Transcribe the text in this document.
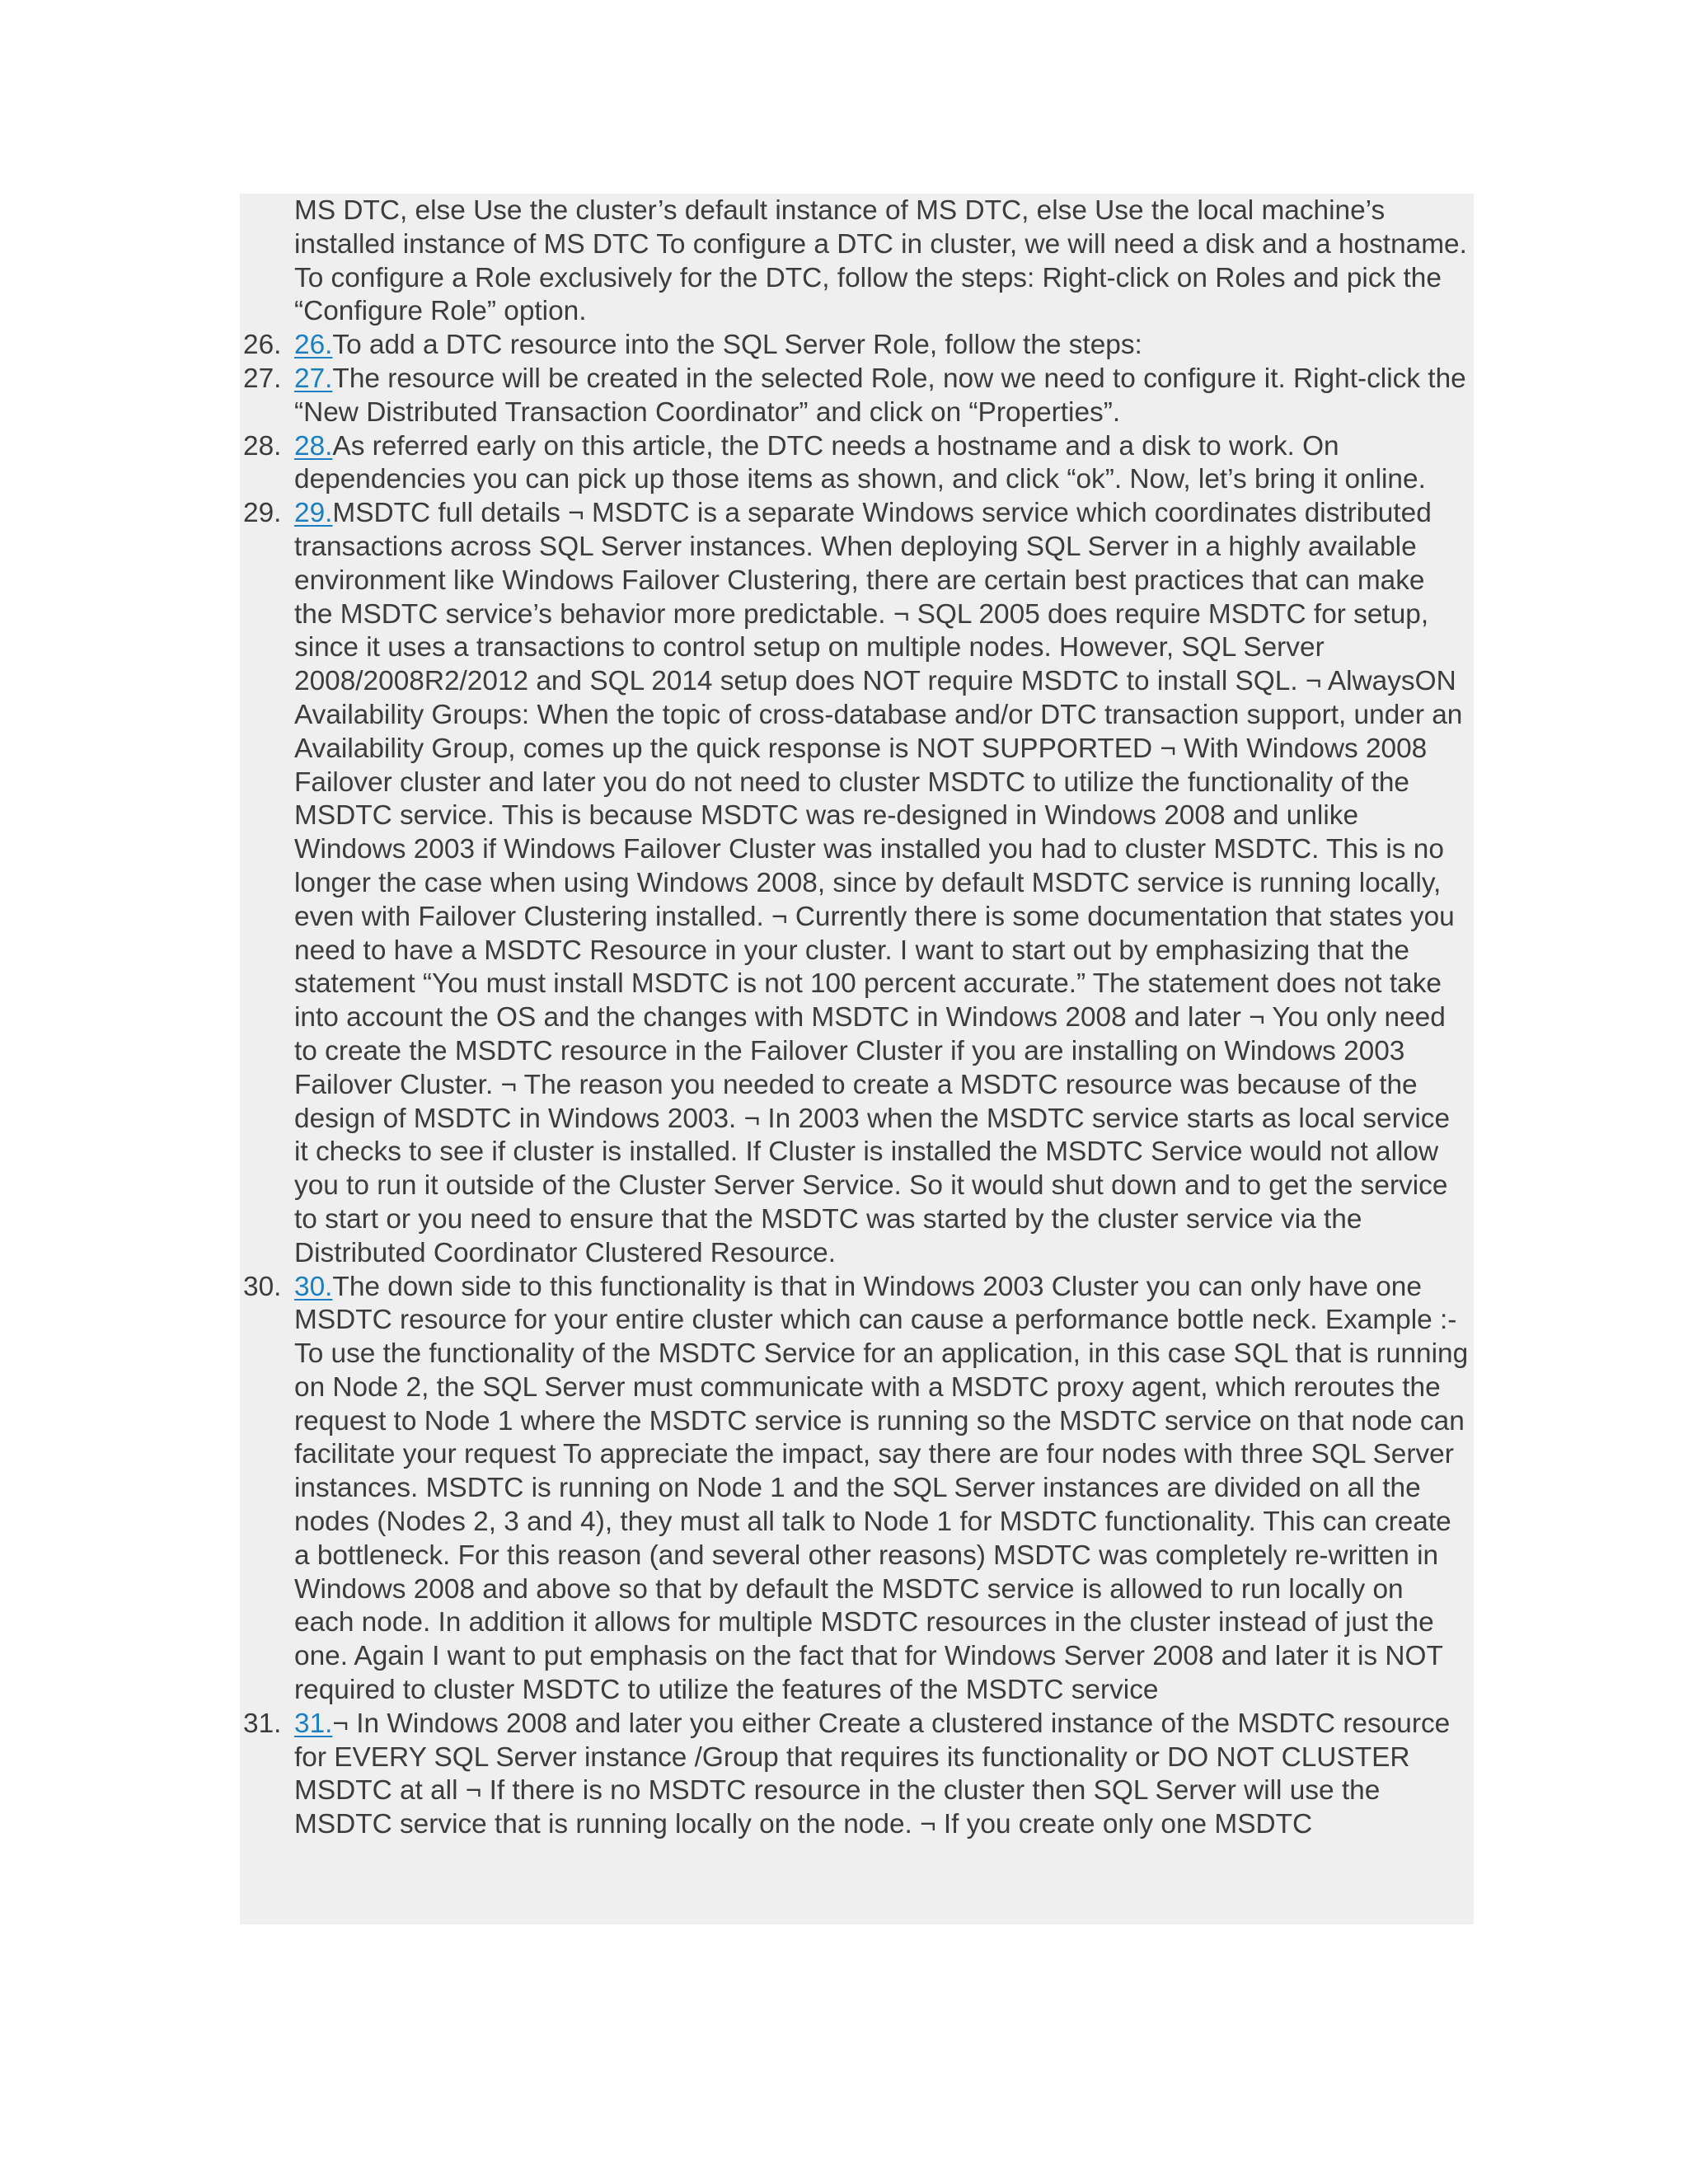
MS DTC, else Use the cluster’s default instance of MS DTC, else Use the local machine’s installed instance of MS DTC To configure a DTC in cluster, we will need a disk and a hostname. To configure a Role exclusively for the DTC, follow the steps: Right-click on Roles and pick the “Configure Role” option.
26. 26.To add a DTC resource into the SQL Server Role, follow the steps:
27. 27.The resource will be created in the selected Role, now we need to configure it. Right-click the “New Distributed Transaction Coordinator” and click on “Properties”.
28. 28.As referred early on this article, the DTC needs a hostname and a disk to work. On dependencies you can pick up those items as shown, and click “ok”. Now, let’s bring it online.
29. 29.MSDTC full details ¬ MSDTC is a separate Windows service which coordinates distributed transactions across SQL Server instances. When deploying SQL Server in a highly available environment like Windows Failover Clustering, there are certain best practices that can make the MSDTC service’s behavior more predictable. ¬ SQL 2005 does require MSDTC for setup, since it uses a transactions to control setup on multiple nodes. However, SQL Server 2008/2008R2/2012 and SQL 2014 setup does NOT require MSDTC to install SQL. ¬ AlwaysON Availability Groups: When the topic of cross-database and/or DTC transaction support, under an Availability Group, comes up the quick response is NOT SUPPORTED ¬ With Windows 2008 Failover cluster and later you do not need to cluster MSDTC to utilize the functionality of the MSDTC service. This is because MSDTC was re-designed in Windows 2008 and unlike Windows 2003 if Windows Failover Cluster was installed you had to cluster MSDTC. This is no longer the case when using Windows 2008, since by default MSDTC service is running locally, even with Failover Clustering installed. ¬ Currently there is some documentation that states you need to have a MSDTC Resource in your cluster. I want to start out by emphasizing that the statement “You must install MSDTC is not 100 percent accurate.” The statement does not take into account the OS and the changes with MSDTC in Windows 2008 and later ¬ You only need to create the MSDTC resource in the Failover Cluster if you are installing on Windows 2003 Failover Cluster. ¬ The reason you needed to create a MSDTC resource was because of the design of MSDTC in Windows 2003. ¬ In 2003 when the MSDTC service starts as local service it checks to see if cluster is installed. If Cluster is installed the MSDTC Service would not allow you to run it outside of the Cluster Server Service. So it would shut down and to get the service to start or you need to ensure that the MSDTC was started by the cluster service via the Distributed Coordinator Clustered Resource.
30. 30.The down side to this functionality is that in Windows 2003 Cluster you can only have one MSDTC resource for your entire cluster which can cause a performance bottle neck. Example :- To use the functionality of the MSDTC Service for an application, in this case SQL that is running on Node 2, the SQL Server must communicate with a MSDTC proxy agent, which reroutes the request to Node 1 where the MSDTC service is running so the MSDTC service on that node can facilitate your request To appreciate the impact, say there are four nodes with three SQL Server instances. MSDTC is running on Node 1 and the SQL Server instances are divided on all the nodes (Nodes 2, 3 and 4), they must all talk to Node 1 for MSDTC functionality. This can create a bottleneck. For this reason (and several other reasons) MSDTC was completely re-written in Windows 2008 and above so that by default the MSDTC service is allowed to run locally on each node. In addition it allows for multiple MSDTC resources in the cluster instead of just the one. Again I want to put emphasis on the fact that for Windows Server 2008 and later it is NOT required to cluster MSDTC to utilize the features of the MSDTC service
31. 31.¬ In Windows 2008 and later you either Create a clustered instance of the MSDTC resource for EVERY SQL Server instance /Group that requires its functionality or DO NOT CLUSTER MSDTC at all ¬ If there is no MSDTC resource in the cluster then SQL Server will use the MSDTC service that is running locally on the node. ¬ If you create only one MSDTC
